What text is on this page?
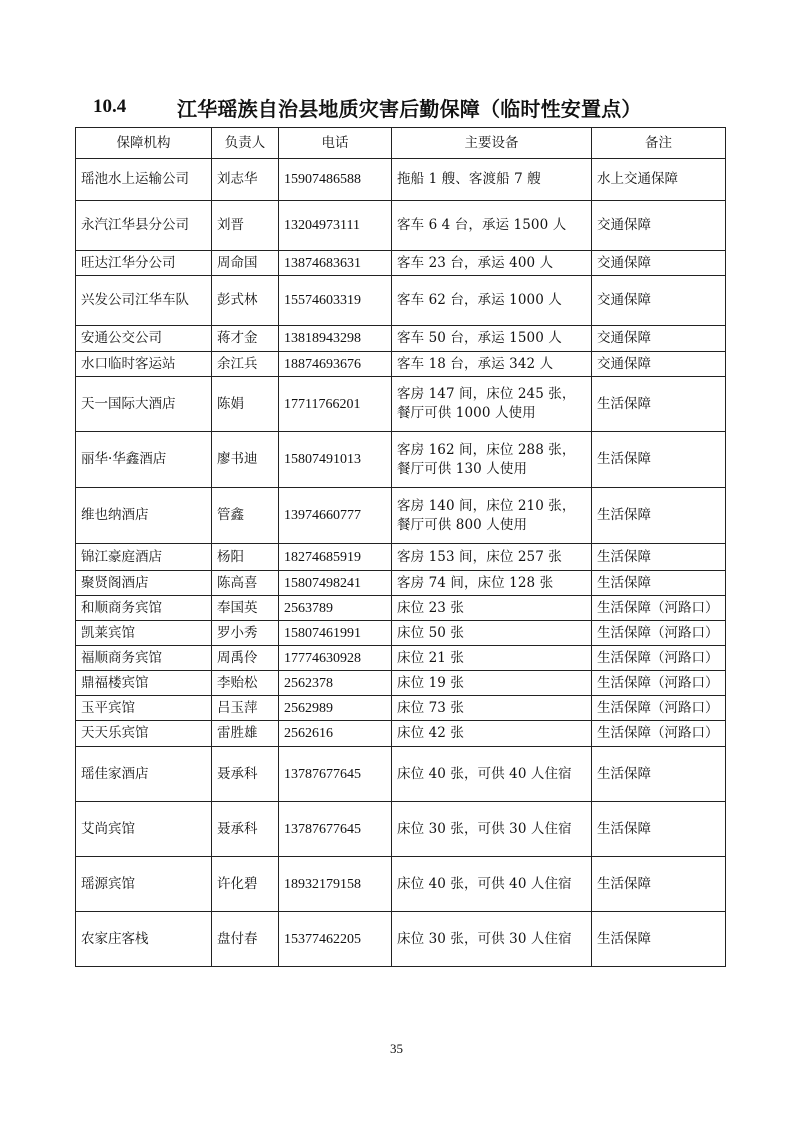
10.4	江华瑶族自治县地质灾害后勤保障（临时性安置点）
保障机构	负责人	电话	主要设备	备注
瑶池水上运输公司	刘志华	15907486588	拖船 1 艘、客渡船 7 艘	水上交通保障
永汽江华县分公司	刘晋	13204973111	客车 6 4 台，承运 1500 人	交通保障
旺达江华分公司	周命国	13874683631	客车 23 台，承运 400 人	交通保障
兴发公司江华车队	彭式林	15574603319	客车 62 台，承运 1000 人	交通保障
安通公交公司	蒋才金	13818943298	客车 50 台，承运 1500 人	交通保障
水口临时客运站	余江兵	18874693676	客车 18 台，承运 342 人	交通保障
天一国际大酒店	陈娟	17711766201	客房 147 间，床位 245 张，餐厅可供 1000 人使用	生活保障
丽华·华鑫酒店	廖书迪	15807491013	客房 162 间，床位 288 张，餐厅可供 130 人使用	生活保障
维也纳酒店	管鑫	13974660777	客房 140 间，床位 210 张，餐厅可供 800 人使用	生活保障
锦江豪庭酒店	杨阳	18274685919	客房 153 间，床位 257 张	生活保障
聚贤阁酒店	陈高喜	15807498241	客房 74 间，床位 128 张	生活保障
和顺商务宾馆	奉国英	2563789	床位 23 张	生活保障（河路口）
凯莱宾馆	罗小秀	15807461991	床位 50 张	生活保障（河路口）
福顺商务宾馆	周禹伶	17774630928	床位 21 张	生活保障（河路口）
鼎福楼宾馆	李贻松	2562378	床位 19 张	生活保障（河路口）
玉平宾馆	吕玉萍	2562989	床位 73 张	生活保障（河路口）
天天乐宾馆	雷胜雄	2562616	床位 42 张	生活保障（河路口）
瑶佳家酒店	聂承科	13787677645	床位 40 张，可供 40 人住宿	生活保障
艾尚宾馆	聂承科	13787677645	床位 30 张，可供 30 人住宿	生活保障
瑶源宾馆	许化碧	18932179158	床位 40 张，可供 40 人住宿	生活保障
农家庄客栈	盘付春	15377462205	床位 30 张，可供 30 人住宿	生活保障
35
